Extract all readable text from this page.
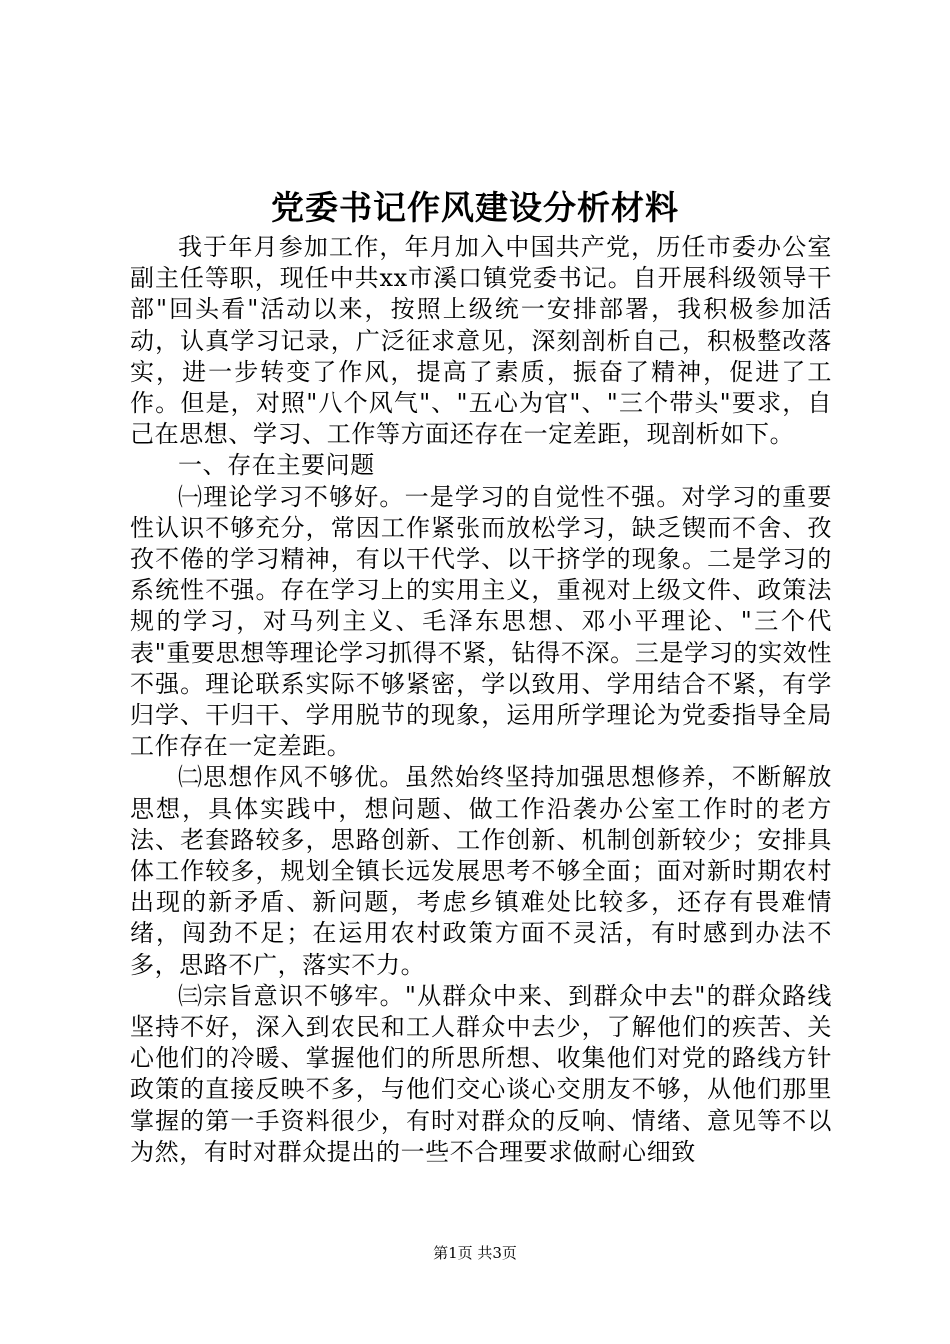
党委书记作风建设分析材料

我于年月参加工作，年月加入中国共产党，历任市委办公室副主任等职，现任中共xx市溪口镇党委书记。自开展科级领导干部"回头看"活动以来，按照上级统一安排部署，我积极参加活动，认真学习记录，广泛征求意见，深刻剖析自己，积极整改落实，进一步转变了作风，提高了素质，振奋了精神，促进了工作。但是，对照"八个风气"、"五心为官"、"三个带头"要求，自己在思想、学习、工作等方面还存在一定差距，现剖析如下。

一、存在主要问题

㈠理论学习不够好。一是学习的自觉性不强。对学习的重要性认识不够充分，常因工作紧张而放松学习，缺乏锲而不舍、孜孜不倦的学习精神，有以干代学、以干挤学的现象。二是学习的系统性不强。存在学习上的实用主义，重视对上级文件、政策法规的学习，对马列主义、毛泽东思想、邓小平理论、"三个代表"重要思想等理论学习抓得不紧，钻得不深。三是学习的实效性不强。理论联系实际不够紧密，学以致用、学用结合不紧，有学归学、干归干、学用脱节的现象，运用所学理论为党委指导全局工作存在一定差距。

㈡思想作风不够优。虽然始终坚持加强思想修养，不断解放思想，具体实践中，想问题、做工作沿袭办公室工作时的老方法、老套路较多，思路创新、工作创新、机制创新较少；安排具体工作较多，规划全镇长远发展思考不够全面；面对新时期农村出现的新矛盾、新问题，考虑乡镇难处比较多，还存有畏难情绪，闯劲不足；在运用农村政策方面不灵活，有时感到办法不多，思路不广，落实不力。

㈢宗旨意识不够牢。"从群众中来、到群众中去"的群众路线坚持不好，深入到农民和工人群众中去少，了解他们的疾苦、关心他们的冷暖、掌握他们的所思所想、收集他们对党的路线方针政策的直接反映不多，与他们交心谈心交朋友不够，从他们那里掌握的第一手资料很少，有时对群众的反响、情绪、意见等不以为然，有时对群众提出的一些不合理要求做耐心细致

第1页 共3页
